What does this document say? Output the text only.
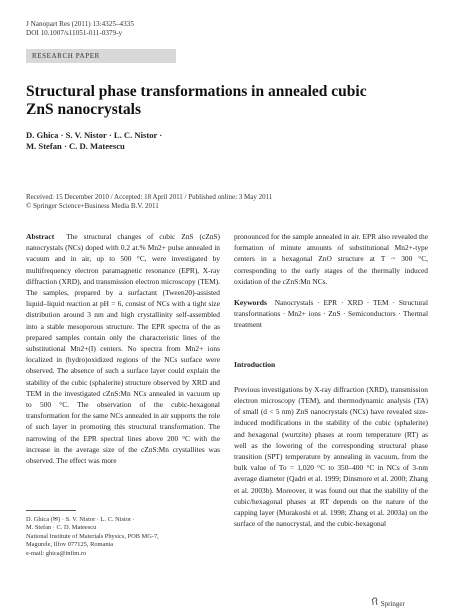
J Nanopart Res (2011) 13:4325–4335
DOI 10.1007/s11051-011-0379-y
RESEARCH PAPER
Structural phase transformations in annealed cubic
ZnS nanocrystals
D. Ghica · S. V. Nistor · L. C. Nistor ·
M. Stefan · C. D. Mateescu
Received: 15 December 2010 / Accepted: 18 April 2011 / Published online: 3 May 2011
© Springer Science+Business Media B.V. 2011

Abstract The structural changes of cubic ZnS (cZnS) nanocrystals (NCs) doped with 0.2 at.% Mn2+ pulse annealed in vacuum and in air, up to 500 °C, were investigated by multifrequency electron paramagnetic resonance (EPR), X-ray diffraction (XRD), and transmission electron microscopy (TEM). The samples, prepared by a surfactant (Tween20)-assisted liquid–liquid reaction at pH = 6, consist of NCs with a tight size distribution around 3 nm and high crystallinity self-assembled into a stable mesoporous structure. The EPR spectra of the as prepared samples contain only the characteristic lines of the substitutional Mn2+(I) centers. No spectra from Mn2+ ions localized in (hydro)oxidized regions of the NCs surface were observed. The absence of such a surface layer could explain the stability of the cubic (sphalerite) structure observed by XRD and TEM in the investigated cZnS:Mn NCs annealed in vacuum up to 500 °C. The observation of the cubic-hexagonal transformation for the same NCs annealed in air supports the role of such layer in promoting this structural transformation. The narrowing of the EPR spectral lines above 200 °C with the increase in the average size of the cZnS:Mn crystallites was observed. The effect was more

pronounced for the sample annealed in air. EPR also revealed the formation of minute amounts of substitutional Mn2+-type centers in a hexagonal ZnO structure at T ~ 300 °C, corresponding to the early stages of the thermally induced oxidation of the cZnS:Mn NCs.

Keywords Nanocrystals · EPR · XRD · TEM · Structural transformations · Mn2+ ions · ZnS · Semiconductors · Thermal treatment

Introduction

Previous investigations by X-ray diffraction (XRD), transmission electron microscopy (TEM), and thermodynamic analysis (TA) of small (d < 5 nm) ZnS nanocrystals (NCs) have revealed size-induced modifications in the stability of the cubic (sphalerite) and hexagonal (wurtzite) phases at room temperature (RT) as well as the lowering of the corresponding structural phase transition (SPT) temperature by annealing in vacuum, from the bulk value of To = 1,020 °C to 350–400 °C in NCs of 3-nm average diameter (Qadri et al. 1999; Dinsmore et al. 2000; Zhang et al. 2003b). Moreover, it was found out that the stability of the cubic/hexagonal phases at RT depends on the nature of the capping layer (Murakoshi et al. 1998; Zhang et al. 2003a) on the surface of the nanocrystal, and the cubic-hexagonal

D. Ghica (✉) · S. V. Nistor · L. C. Nistor ·
M. Stefan · C. D. Mateescu
National Institute of Materials Physics, POB MG-7,
Magurele, Ilfov 077125, Romania
e-mail: ghica@infim.ro
Springer
